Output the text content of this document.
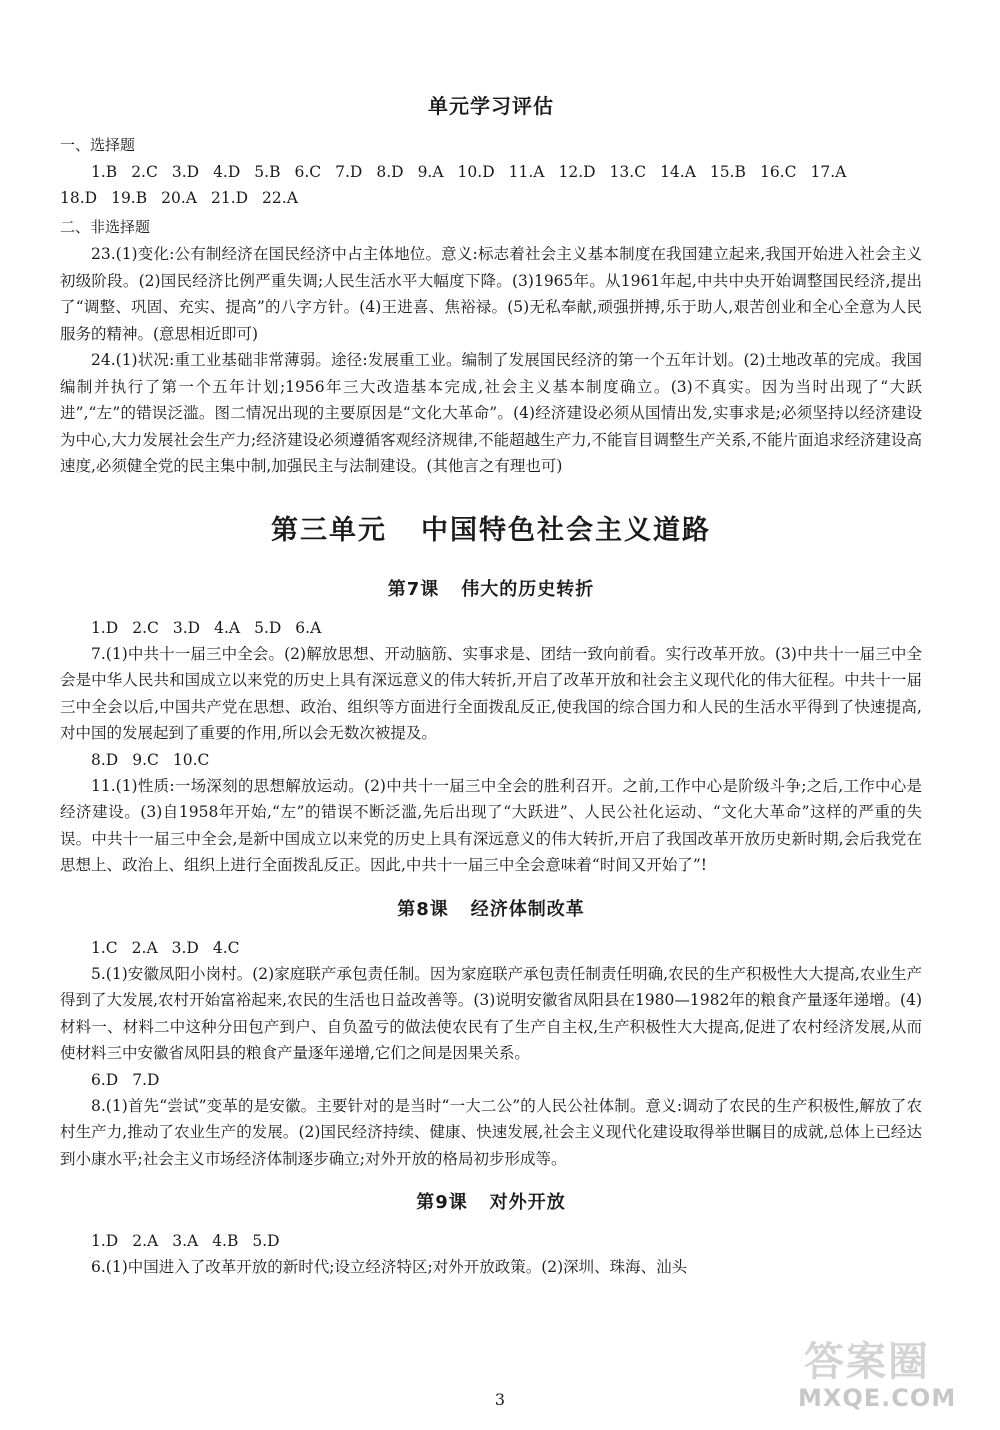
单元学习评估
一、选择题

1.B 2.C 3.D 4.D 5.B 6.C 7.D 8.D 9.A 10.D 11.A 12.D 13.C 14.A 15.B 16.C 17.A

18.D 19.B 20.A 21.D 22.A

二、非选择题

23.(1)变化:公有制经济在国民经济中占主体地位。意义:标志着社会主义基本制度在我国建立起来,我国开始进入社会主义初级阶段。(2)国民经济比例严重失调;人民生活水平大幅度下降。(3)1965年。从1961年起,中共中央开始调整国民经济,提出了“调整、巩固、充实、提高”的八字方针。(4)王进喜、焦裕禄。(5)无私奉献,顽强拼搏,乐于助人,艰苦创业和全心全意为人民服务的精神。(意思相近即可)

24.(1)状况:重工业基础非常薄弱。途径:发展重工业。编制了发展国民经济的第一个五年计划。(2)土地改革的完成。我国编制并执行了第一个五年计划;1956年三大改造基本完成,社会主义基本制度确立。(3)不真实。因为当时出现了“大跃进”,“左”的错误泛滥。图二情况出现的主要原因是“文化大革命”。(4)经济建设必须从国情出发,实事求是;必须坚持以经济建设为中心,大力发展社会生产力;经济建设必须遵循客观经济规律,不能超越生产力,不能盲目调整生产关系,不能片面追求经济建设高速度,必须健全党的民主集中制,加强民主与法制建设。(其他言之有理也可)

第三单元 中国特色社会主义道路
第7课 伟大的历史转折

1.D 2.C 3.D 4.A 5.D 6.A

7.(1)中共十一届三中全会。(2)解放思想、开动脑筋、实事求是、团结一致向前看。实行改革开放。(3)中共十一届三中全会是中华人民共和国成立以来党的历史上具有深远意义的伟大转折,开启了改革开放和社会主义现代化的伟大征程。中共十一届三中全会以后,中国共产党在思想、政治、组织等方面进行全面拨乱反正,使我国的综合国力和人民的生活水平得到了快速提高,对中国的发展起到了重要的作用,所以会无数次被提及。

8.D 9.C 10.C

11.(1)性质:一场深刻的思想解放运动。(2)中共十一届三中全会的胜利召开。之前,工作中心是阶级斗争;之后,工作中心是经济建设。(3)自1958年开始,“左”的错误不断泛滥,先后出现了“大跃进”、人民公社化运动、“文化大革命”这样的严重的失误。中共十一届三中全会,是新中国成立以来党的历史上具有深远意义的伟大转折,开启了我国改革开放历史新时期,会后我党在思想上、政治上、组织上进行全面拨乱反正。因此,中共十一届三中全会意味着“时间又开始了”!

第8课 经济体制改革

1.C 2.A 3.D 4.C

5.(1)安徽凤阳小岗村。(2)家庭联产承包责任制。因为家庭联产承包责任制责任明确,农民的生产积极性大大提高,农业生产得到了大发展,农村开始富裕起来,农民的生活也日益改善等。(3)说明安徽省凤阳县在1980—1982年的粮食产量逐年递增。(4)材料一、材料二中这种分田包产到户、自负盈亏的做法使农民有了生产自主权,生产积极性大大提高,促进了农村经济发展,从而使材料三中安徽省凤阳县的粮食产量逐年递增,它们之间是因果关系。

6.D 7.D

8.(1)首先“尝试”变革的是安徽。主要针对的是当时“一大二公”的人民公社体制。意义:调动了农民的生产积极性,解放了农村生产力,推动了农业生产的发展。(2)国民经济持续、健康、快速发展,社会主义现代化建设取得举世瞩目的成就,总体上已经达到小康水平;社会主义市场经济体制逐步确立;对外开放的格局初步形成等。

第9课 对外开放

1.D 2.A 3.A 4.B 5.D

6.(1)中国进入了改革开放的新时代;设立经济特区;对外开放政策。(2)深圳、珠海、汕头

3
答案圈
MXQE.COM
